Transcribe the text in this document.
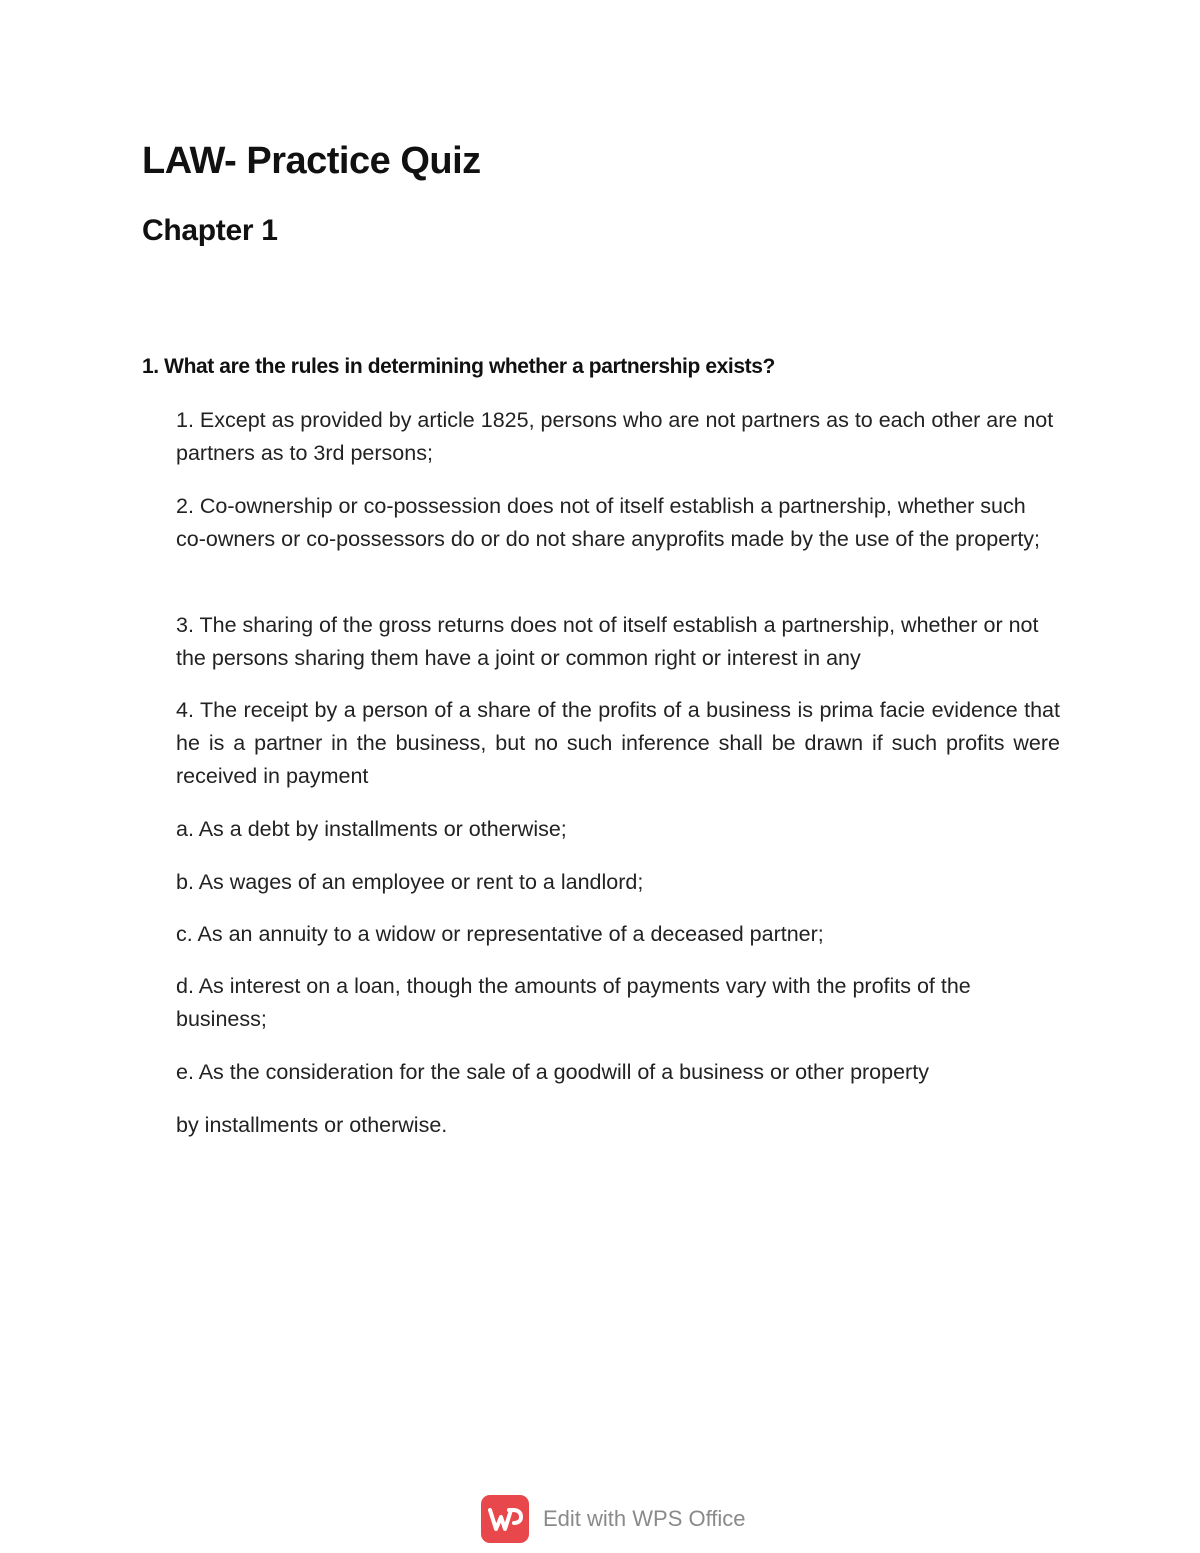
LAW- Practice Quiz
Chapter 1

1. What are the rules in determining whether a partnership exists?

1. Except as provided by article 1825, persons who are not partners as to each other are not partners as to 3rd persons;

2. Co-ownership or co-possession does not of itself establish a partnership, whether such co-owners or co-possessors do or do not share anyprofits made by the use of the property;

3. The sharing of the gross returns does not of itself establish a partnership, whether or not the persons sharing them have a joint or common right or interest in any

4. The receipt by a person of a share of the profits of a business is prima facie evidence that he is a partner in the business, but no such inference shall be drawn if such profits were received in payment

a. As a debt by installments or otherwise;

b. As wages of an employee or rent to a landlord;

c. As an annuity to a widow or representative of a deceased partner;

d. As interest on a loan, though the amounts of payments vary with the profits of the business;

e. As the consideration for the sale of a goodwill of a business or other property

by installments or otherwise.

Edit with WPS Office
